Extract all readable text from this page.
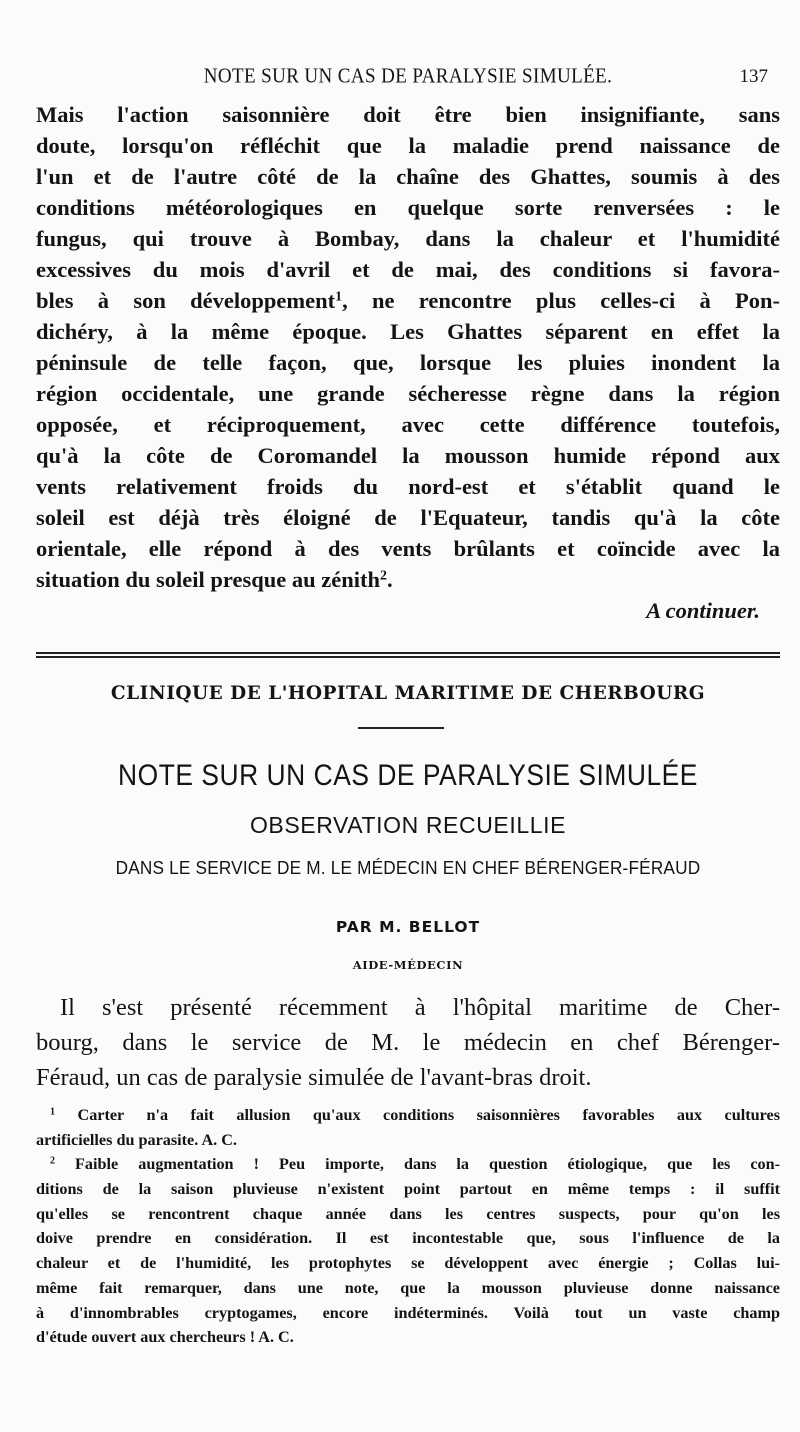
NOTE SUR UN CAS DE PARALYSIE SIMULÉE.	137
Mais l'action saisonnière doit être bien insignifiante, sans
doute, lorsqu'on réfléchit que la maladie prend naissance de
l'un et de l'autre côté de la chaîne des Ghattes, soumis à des
conditions météorologiques en quelque sorte renversées : le
fungus, qui trouve à Bombay, dans la chaleur et l'humidité
excessives du mois d'avril et de mai, des conditions si favora-
bles à son développement$^1$, ne rencontre plus celles-ci à Pon-
dichéry, à la même époque. Les Ghattes séparent en effet la
péninsule de telle façon, que, lorsque les pluies inondent la
région occidentale, une grande sécheresse règne dans la région
opposée, et réciproquement, avec cette différence toutefois,
qu'à la côte de Coromandel la mousson humide répond aux
vents relativement froids du nord-est et s'établit quand le
soleil est déjà très éloigné de l'Equateur, tandis qu'à la côte
orientale, elle répond à des vents brûlants et coïncide avec la
situation du soleil presque au zénith$^2$.
A continuer.
CLINIQUE DE L'HOPITAL MARITIME DE CHERBOURG
NOTE SUR UN CAS DE PARALYSIE SIMULÉE
OBSERVATION RECUEILLIE
DANS LE SERVICE DE M. LE MÉDECIN EN CHEF BÉRENGER-FÉRAUD
PAR M. BELLOT
AIDE-MÉDECIN
Il s'est présenté récemment à l'hôpital maritime de Cher-
bourg, dans le service de M. le médecin en chef Bérenger-
Féraud, un cas de paralysie simulée de l'avant-bras droit.
$^1$ Carter n'a fait allusion qu'aux conditions saisonnières favorables aux cultures
artificielles du parasite. A. C.
$^2$ Faible augmentation ! Peu importe, dans la question étiologique, que les con-
ditions de la saison pluvieuse n'existent point partout en même temps : il suffit
qu'elles se rencontrent chaque année dans les centres suspects, pour qu'on les
doive prendre en considération. Il est incontestable que, sous l'influence de la
chaleur et de l'humidité, les protophytes se développent avec énergie ; Collas lui-
même fait remarquer, dans une note, que la mousson pluvieuse donne naissance
à d'innombrables cryptogames, encore indéterminés. Voilà tout un vaste champ
d'étude ouvert aux chercheurs ! A. C.
